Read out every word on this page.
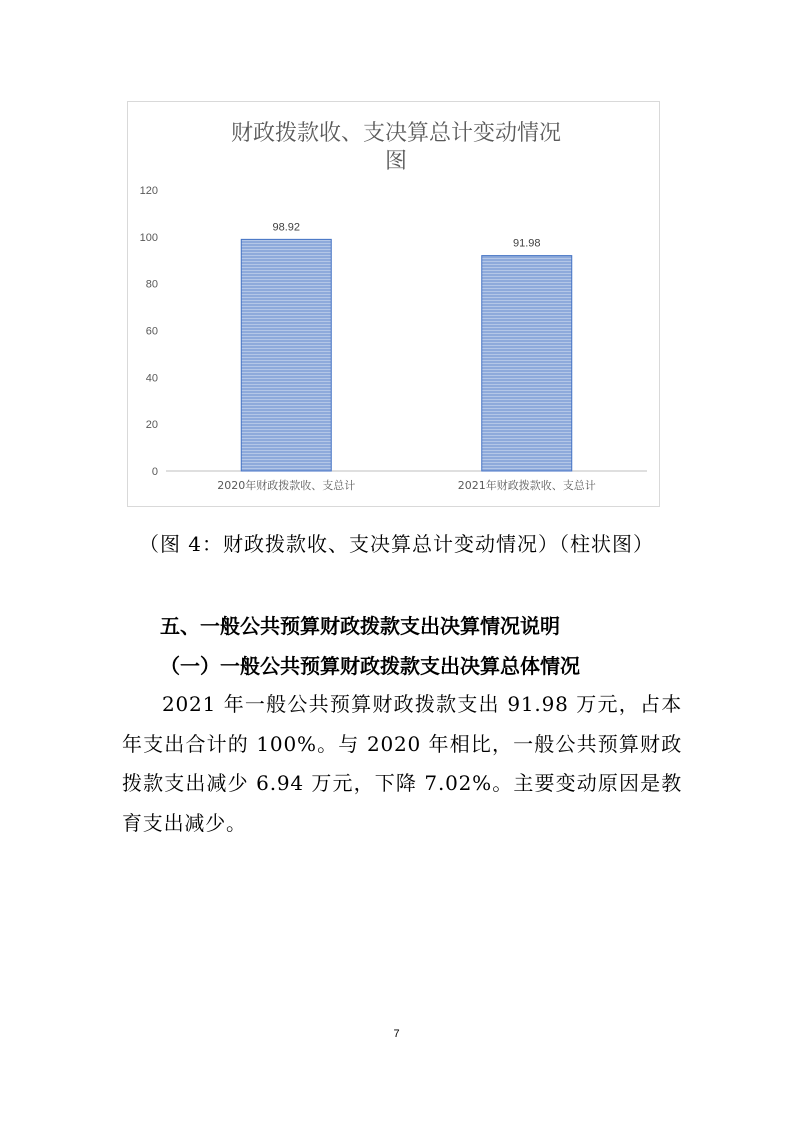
财政拨款收、支决算总计变动情况
图
0
20
40
60
80
100
120
98.92
2020年财政拨款收、支总计
91.98
2021年财政拨款收、支总计
（图 4：财政拨款收、支决算总计变动情况）（柱状图）
五、一般公共预算财政拨款支出决算情况说明
（一）一般公共预算财政拨款支出决算总体情况
2021 年一般公共预算财政拨款支出 91.98 万元，占本年支出合计的 100%。与 2020 年相比，一般公共预算财政拨款支出减少 6.94 万元，下降 7.02%。主要变动原因是教育支出减少。
7
